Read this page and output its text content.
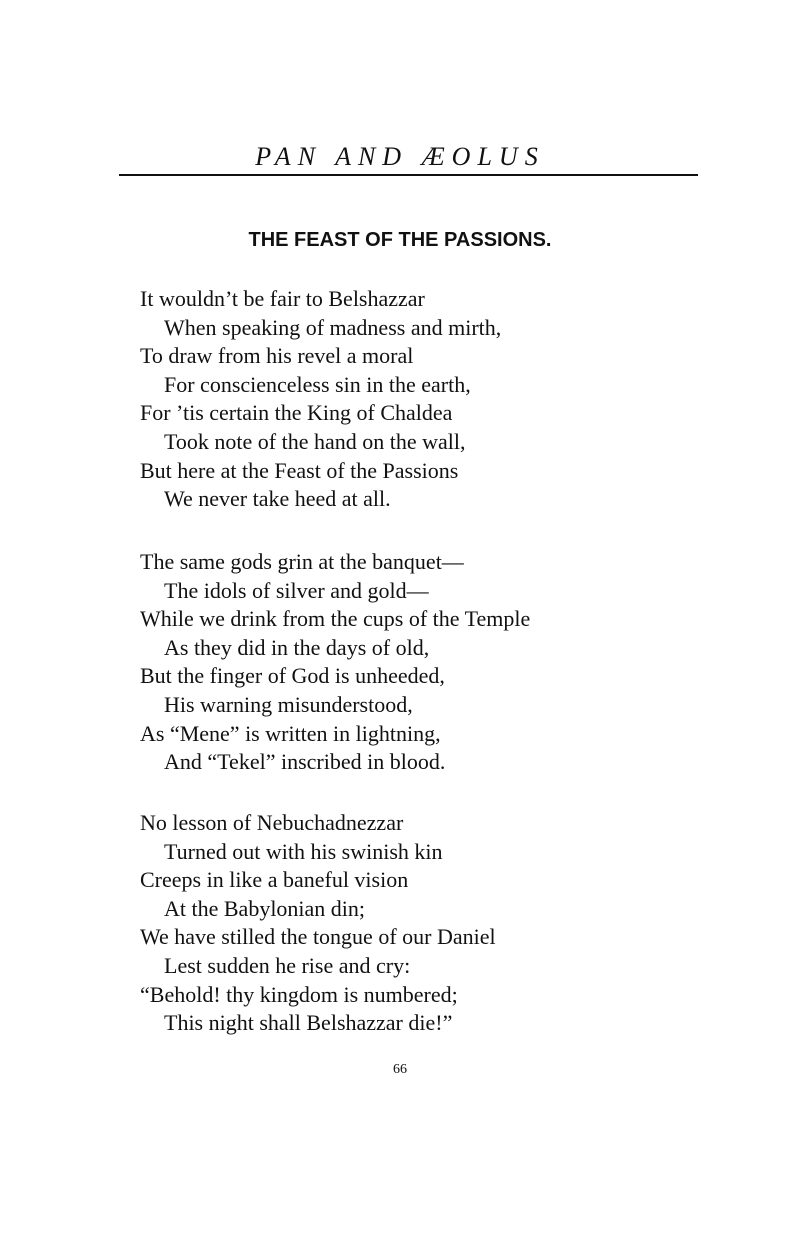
PAN AND ÆOLUS
THE FEAST OF THE PASSIONS.
It wouldn’t be fair to Belshazzar
When speaking of madness and mirth,
To draw from his revel a moral
For conscienceless sin in the earth,
For ’tis certain the King of Chaldea
Took note of the hand on the wall,
But here at the Feast of the Passions
We never take heed at all.
The same gods grin at the banquet—
The idols of silver and gold—
While we drink from the cups of the Temple
As they did in the days of old,
But the finger of God is unheeded,
His warning misunderstood,
As “Mene” is written in lightning,
And “Tekel” inscribed in blood.
No lesson of Nebuchadnezzar
Turned out with his swinish kin
Creeps in like a baneful vision
At the Babylonian din;
We have stilled the tongue of our Daniel
Lest sudden he rise and cry:
“Behold! thy kingdom is numbered;
This night shall Belshazzar die!”
66
